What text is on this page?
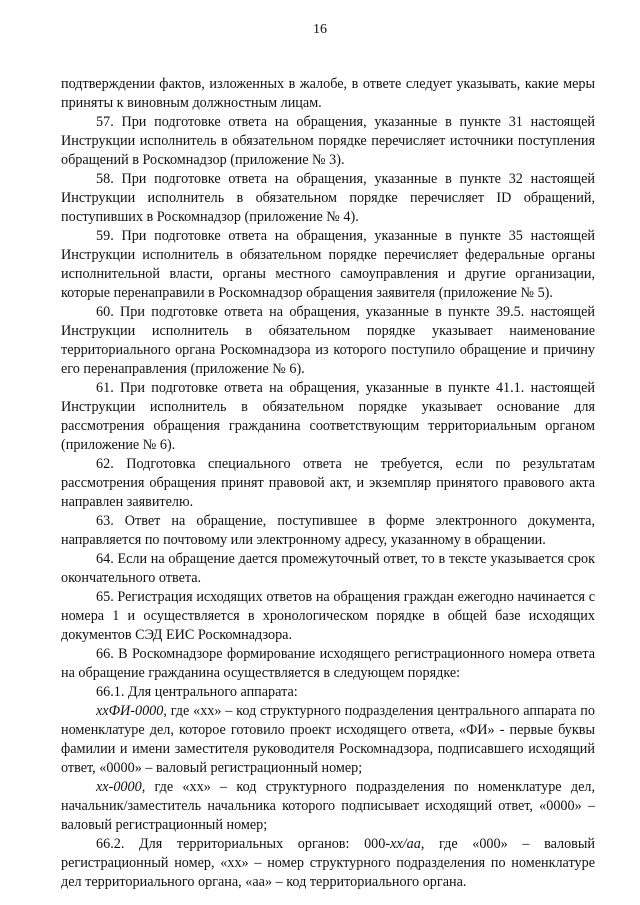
16

подтверждении фактов, изложенных в жалобе, в ответе следует указывать, какие меры приняты к виновным должностным лицам.

57. При подготовке ответа на обращения, указанные в пункте 31 настоящей Инструкции исполнитель в обязательном порядке перечисляет источники поступления обращений в Роскомнадзор (приложение № 3).

58. При подготовке ответа на обращения, указанные в пункте 32 настоящей Инструкции исполнитель в обязательном порядке перечисляет ID обращений, поступивших в Роскомнадзор (приложение № 4).

59. При подготовке ответа на обращения, указанные в пункте 35 настоящей Инструкции исполнитель в обязательном порядке перечисляет федеральные органы исполнительной власти, органы местного самоуправления и другие организации, которые перенаправили в Роскомнадзор обращения заявителя (приложение № 5).

60. При подготовке ответа на обращения, указанные в пункте 39.5. настоящей Инструкции исполнитель в обязательном порядке указывает наименование территориального органа Роскомнадзора из которого поступило обращение и причину его перенаправления (приложение № 6).

61. При подготовке ответа на обращения, указанные в пункте 41.1. настоящей Инструкции исполнитель в обязательном порядке указывает основание для рассмотрения обращения гражданина соответствующим территориальным органом (приложение № 6).

62. Подготовка специального ответа не требуется, если по результатам рассмотрения обращения принят правовой акт, и экземпляр принятого правового акта направлен заявителю.

63. Ответ на обращение, поступившее в форме электронного документа, направляется по почтовому или электронному адресу, указанному в обращении.

64. Если на обращение дается промежуточный ответ, то в тексте указывается срок окончательного ответа.

65. Регистрация исходящих ответов на обращения граждан ежегодно начинается с номера 1 и осуществляется в хронологическом порядке в общей базе исходящих документов СЭД ЕИС Роскомнадзора.

66. В Роскомнадзоре формирование исходящего регистрационного номера ответа на обращение гражданина осуществляется в следующем порядке:

66.1. Для центрального аппарата:

ххФИ-0000, где «хх» – код структурного подразделения центрального аппарата по номенклатуре дел, которое готовило проект исходящего ответа, «ФИ» - первые буквы фамилии и имени заместителя руководителя Роскомнадзора, подписавшего исходящий ответ, «0000» – валовый регистрационный номер;

хх-0000, где «хх» – код структурного подразделения по номенклатуре дел, начальник/заместитель начальника которого подписывает исходящий ответ, «0000» – валовый регистрационный номер;

66.2. Для территориальных органов: 000-хх/аа, где «000» – валовый регистрационный номер, «хх» – номер структурного подразделения по номенклатуре дел территориального органа, «аа» – код территориального органа.
